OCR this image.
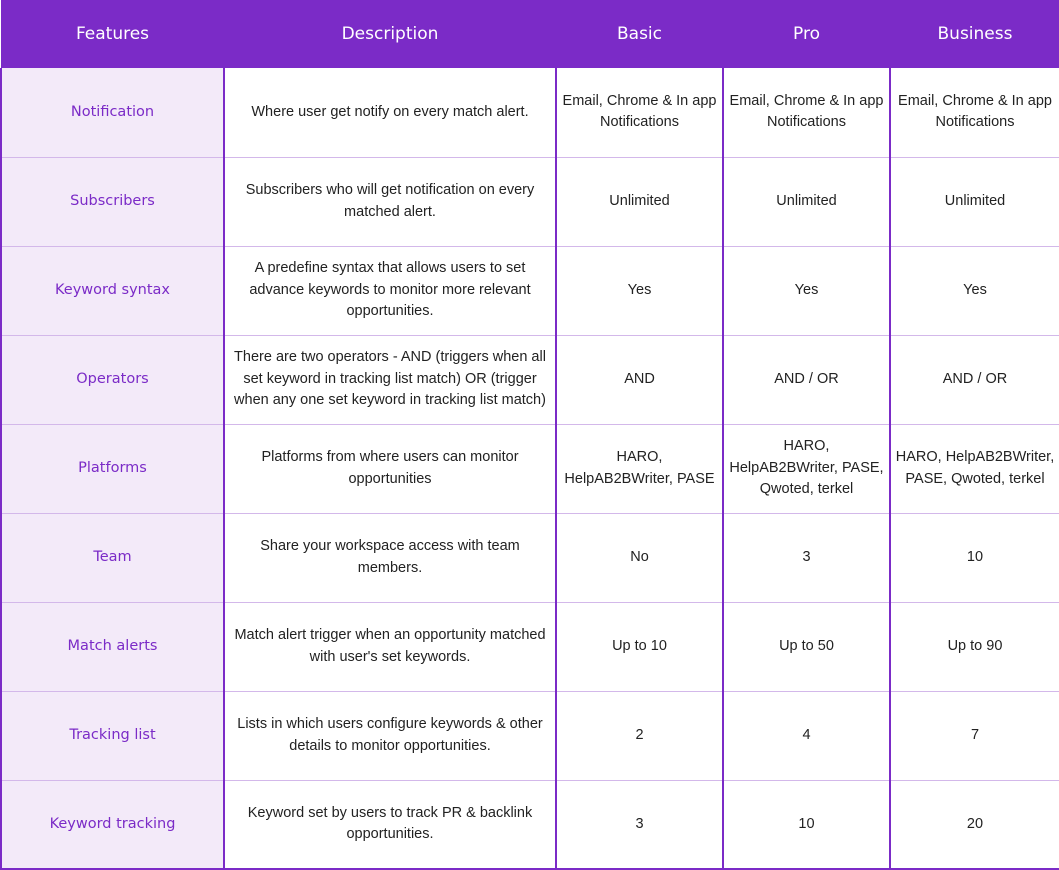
Features	Description	Basic	Pro	Business
Notification	Where user get notify on every match alert.	Email, Chrome & In app Notifications	Email, Chrome & In app Notifications	Email, Chrome & In app Notifications
Subscribers	Subscribers who will get notification on every matched alert.	Unlimited	Unlimited	Unlimited
Keyword syntax	A predefine syntax that allows users to set advance keywords to monitor more relevant opportunities.	Yes	Yes	Yes
Operators	There are two operators - AND (triggers when all set keyword in tracking list match) OR (trigger when any one set keyword in tracking list match)	AND	AND / OR	AND / OR
Platforms	Platforms from where users can monitor opportunities	HARO, HelpAB2BWriter, PASE	HARO, HelpAB2BWriter, PASE, Qwoted, terkel	HARO, HelpAB2BWriter, PASE, Qwoted, terkel
Team	Share your workspace access with team members.	No	3	10
Match alerts	Match alert trigger when an opportunity matched with user's set keywords.	Up to 10	Up to 50	Up to 90
Tracking list	Lists in which users configure keywords & other details to monitor opportunities.	2	4	7
Keyword tracking	Keyword set by users to track PR & backlink opportunities.	3	10	20
